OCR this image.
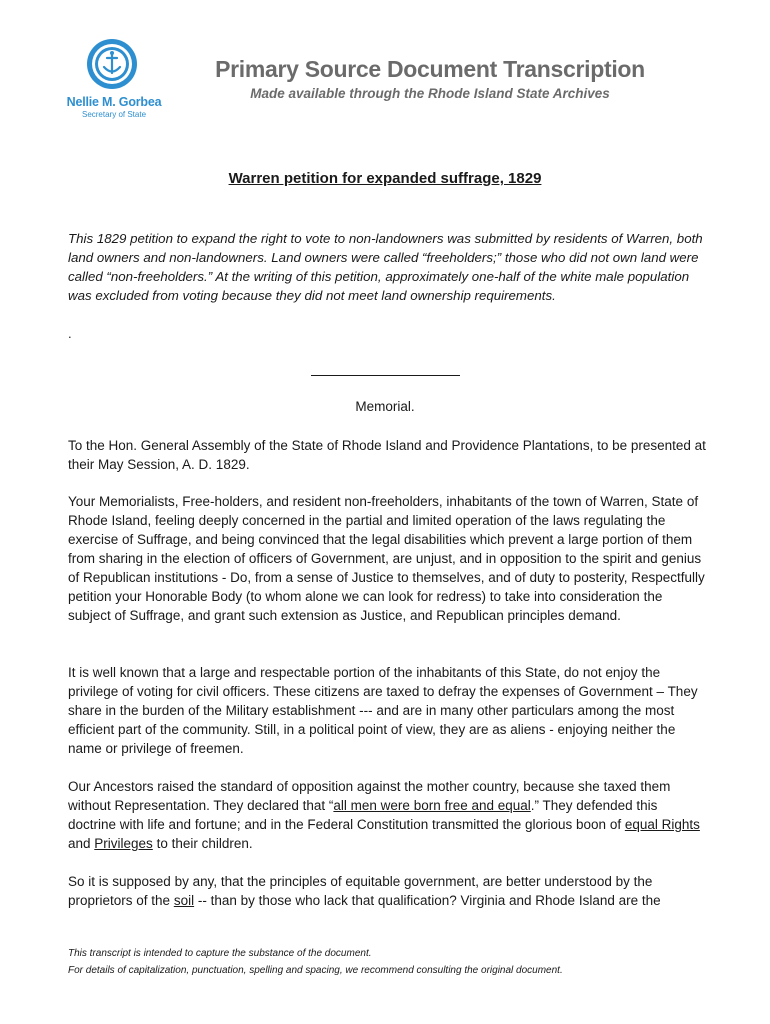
Nellie M. Gorbea
Secretary of State
Primary Source Document Transcription
Made available through the Rhode Island State Archives
Warren petition for expanded suffrage, 1829
This 1829 petition to expand the right to vote to non-landowners was submitted by residents of Warren, both land owners and non-landowners. Land owners were called “freeholders;” those who did not own land were called “non-freeholders.” At the writing of this petition, approximately one-half of the white male population was excluded from voting because they did not meet land ownership requirements.
.
Memorial.

To the Hon. General Assembly of the State of Rhode Island and Providence Plantations, to be presented at their May Session, A. D. 1829.

Your Memorialists, Free-holders, and resident non-freeholders, inhabitants of the town of Warren, State of Rhode Island, feeling deeply concerned in the partial and limited operation of the laws regulating the exercise of Suffrage, and being convinced that the legal disabilities which prevent a large portion of them from sharing in the election of officers of Government, are unjust, and in opposition to the spirit and genius of Republican institutions - Do, from a sense of Justice to themselves, and of duty to posterity, Respectfully petition your Honorable Body (to whom alone we can look for redress) to take into consideration the subject of Suffrage, and grant such extension as Justice, and Republican principles demand.

It is well known that a large and respectable portion of the inhabitants of this State, do not enjoy the privilege of voting for civil officers. These citizens are taxed to defray the expenses of Government – They share in the burden of the Military establishment --- and are in many other particulars among the most efficient part of the community. Still, in a political point of view, they are as aliens - enjoying neither the name or privilege of freemen.

Our Ancestors raised the standard of opposition against the mother country, because she taxed them without Representation. They declared that “all men were born free and equal.” They defended this doctrine with life and fortune; and in the Federal Constitution transmitted the glorious boon of equal Rights and Privileges to their children.

So it is supposed by any, that the principles of equitable government, are better understood by the proprietors of the soil -- than by those who lack that qualification? Virginia and Rhode Island are the

This transcript is intended to capture the substance of the document.
For details of capitalization, punctuation, spelling and spacing, we recommend consulting the original document.
